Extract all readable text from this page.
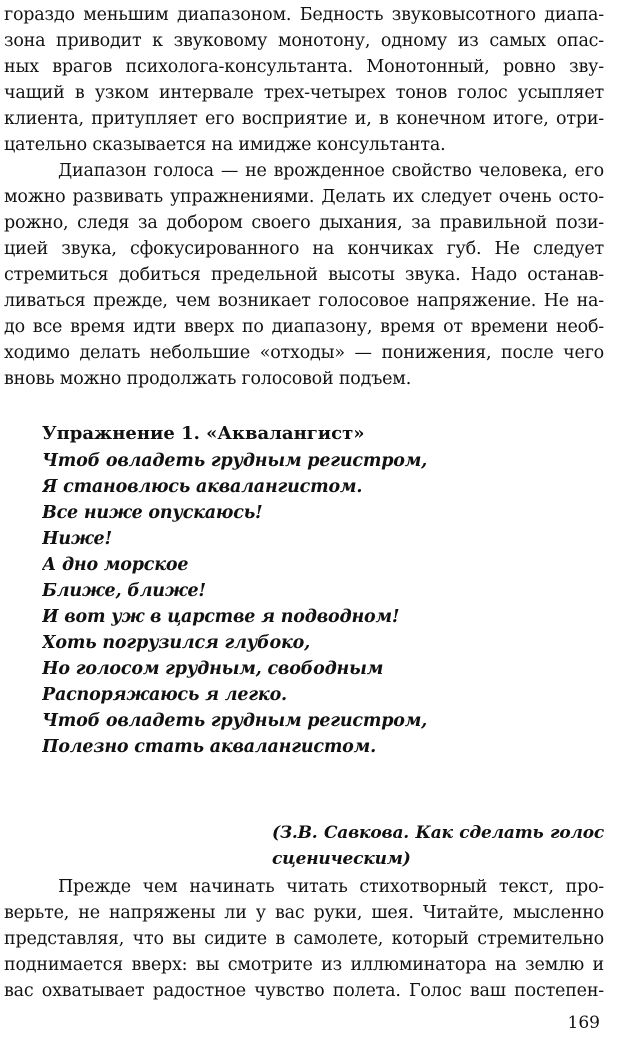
гораздо меньшим диапазоном. Бедность звуковысотного диапа-
зона приводит к звуковому монотону, одному из самых опас-
ных врагов психолога-консультанта. Монотонный, ровно зву-
чащий в узком интервале трех-четырех тонов голос усыпляет
клиента, притупляет его восприятие и, в конечном итоге, отри-
цательно сказывается на имидже консультанта.
Диапазон голоса — не врожденное свойство человека, его
можно развивать упражнениями. Делать их следует очень осто-
рожно, следя за добором своего дыхания, за правильной пози-
цией звука, сфокусированного на кончиках губ. Не следует
стремиться добиться предельной высоты звука. Надо останав-
ливаться прежде, чем возникает голосовое напряжение. Не на-
до все время идти вверх по диапазону, время от времени необ-
ходимо делать небольшие «отходы» — понижения, после чего
вновь можно продолжать голосовой подъем.
Упражнение 1. «Аквалангист»
Чтоб овладеть грудным регистром,
Я становлюсь аквалангистом.
Все ниже опускаюсь!
Ниже!
А дно морское
Ближе, ближе!
И вот уж в царстве я подводном!
Хоть погрузился глубоко,
Но голосом грудным, свободным
Распоряжаюсь я легко.
Чтоб овладеть грудным регистром,
Полезно стать аквалангистом.
(З.В. Савкова. Как сделать голос
сценическим)
Прежде чем начинать читать стихотворный текст, про-
верьте, не напряжены ли у вас руки, шея. Читайте, мысленно
представляя, что вы сидите в самолете, который стремительно
поднимается вверх: вы смотрите из иллюминатора на землю и
вас охватывает радостное чувство полета. Голос ваш постепен-
169
